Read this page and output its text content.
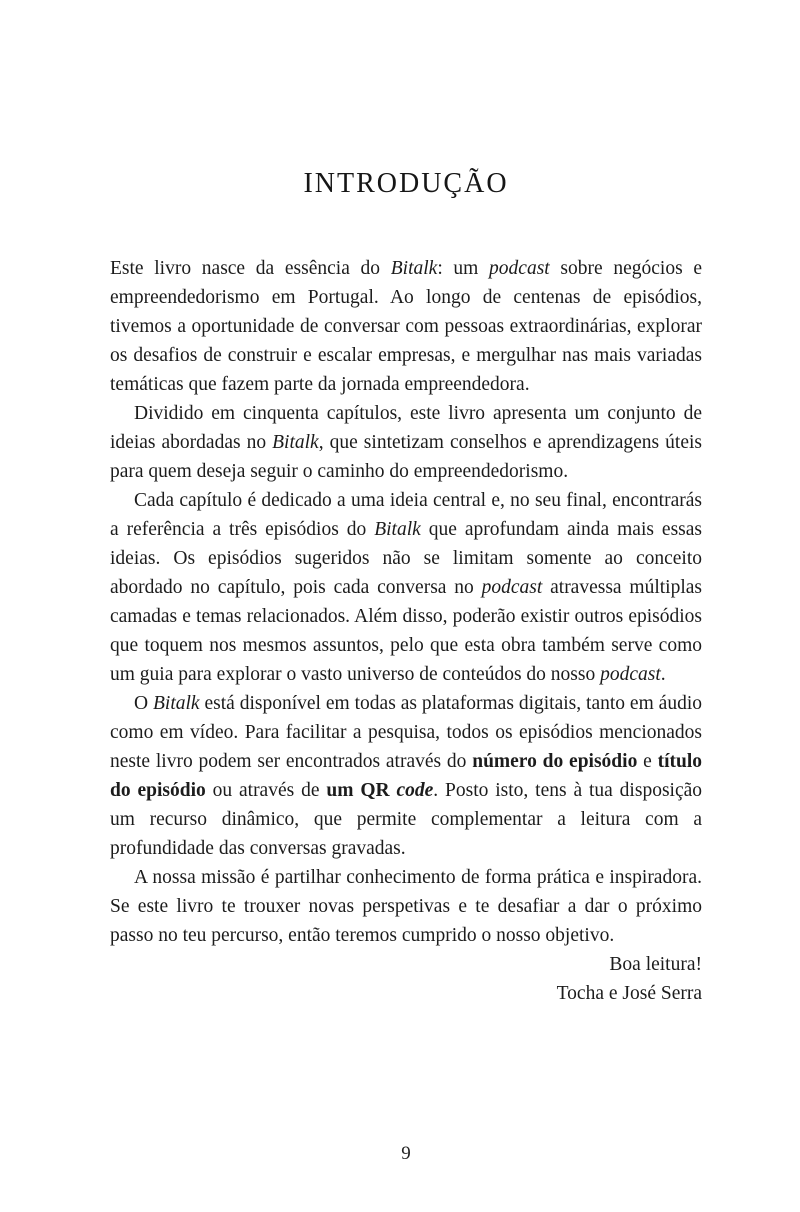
INTRODUÇÃO

Este livro nasce da essência do Bitalk: um podcast sobre negócios e empreendedorismo em Portugal. Ao longo de centenas de episódios, tivemos a oportunidade de conversar com pessoas extraordinárias, explorar os desafios de construir e escalar empresas, e mergulhar nas mais variadas temáticas que fazem parte da jornada empreendedora.

Dividido em cinquenta capítulos, este livro apresenta um conjunto de ideias abordadas no Bitalk, que sintetizam conselhos e aprendizagens úteis para quem deseja seguir o caminho do empreendedorismo.

Cada capítulo é dedicado a uma ideia central e, no seu final, encontrarás a referência a três episódios do Bitalk que aprofundam ainda mais essas ideias. Os episódios sugeridos não se limitam somente ao conceito abordado no capítulo, pois cada conversa no podcast atravessa múltiplas camadas e temas relacionados. Além disso, poderão existir outros episódios que toquem nos mesmos assuntos, pelo que esta obra também serve como um guia para explorar o vasto universo de conteúdos do nosso podcast.

O Bitalk está disponível em todas as plataformas digitais, tanto em áudio como em vídeo. Para facilitar a pesquisa, todos os episódios mencionados neste livro podem ser encontrados através do número do episódio e título do episódio ou através de um QR code. Posto isto, tens à tua disposição um recurso dinâmico, que permite complementar a leitura com a profundidade das conversas gravadas.

A nossa missão é partilhar conhecimento de forma prática e inspiradora. Se este livro te trouxer novas perspetivas e te desafiar a dar o próximo passo no teu percurso, então teremos cumprido o nosso objetivo.

Boa leitura!

Tocha e José Serra

9
